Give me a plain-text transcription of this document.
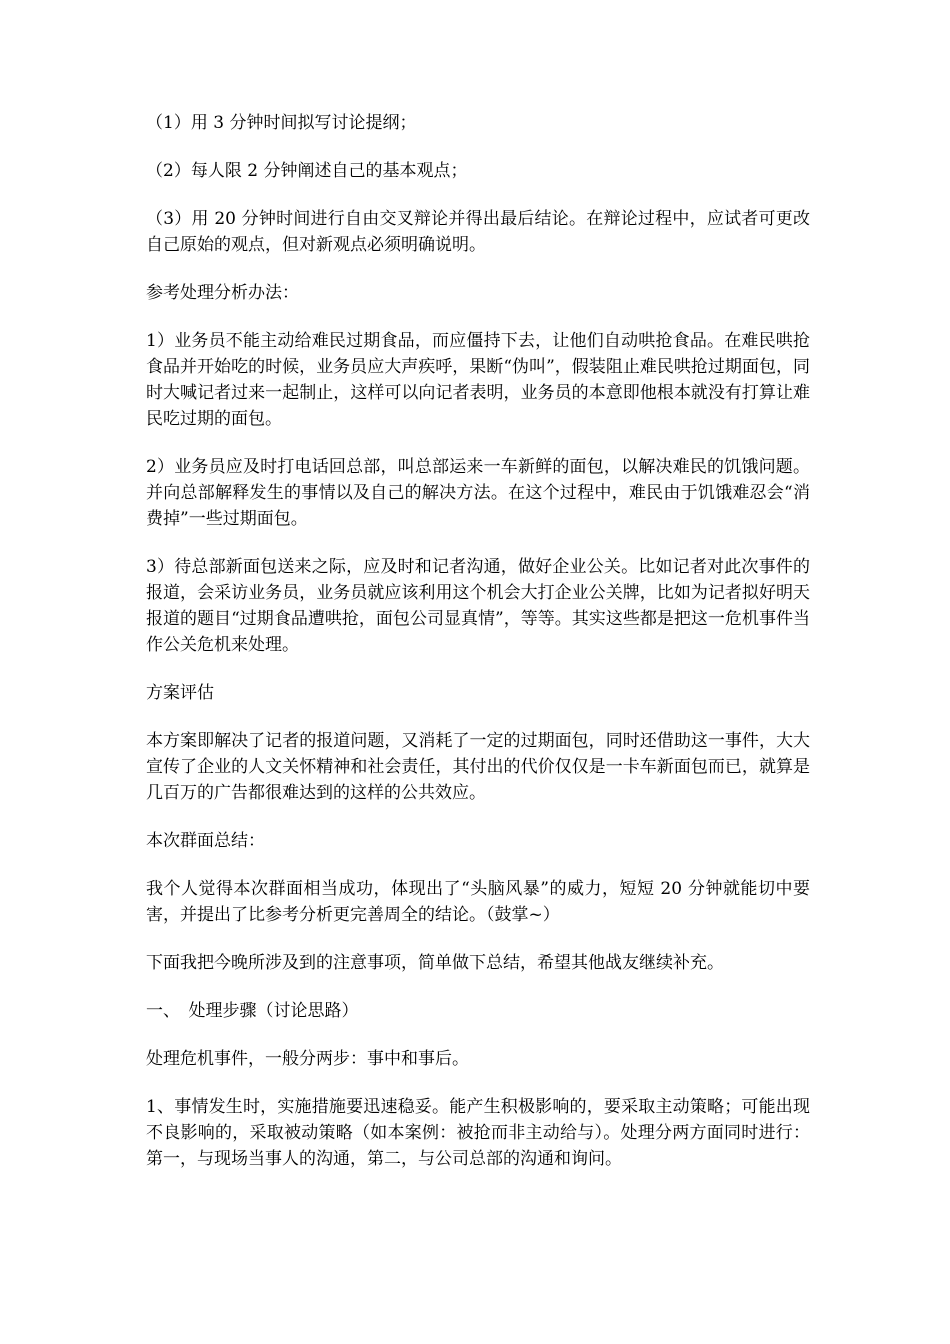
（1）用 3 分钟时间拟写讨论提纲；

（2）每人限 2 分钟阐述自己的基本观点；

（3）用 20 分钟时间进行自由交叉辩论并得出最后结论。在辩论过程中，应试者可更改自己原始的观点，但对新观点必须明确说明。

参考处理分析办法：

1）业务员不能主动给难民过期食品，而应僵持下去，让他们自动哄抢食品。在难民哄抢食品并开始吃的时候，业务员应大声疾呼，果断“伪叫”，假装阻止难民哄抢过期面包，同时大喊记者过来一起制止，这样可以向记者表明，业务员的本意即他根本就没有打算让难民吃过期的面包。

2）业务员应及时打电话回总部，叫总部运来一车新鲜的面包，以解决难民的饥饿问题。并向总部解释发生的事情以及自己的解决方法。在这个过程中，难民由于饥饿难忍会“消费掉”一些过期面包。

3）待总部新面包送来之际，应及时和记者沟通，做好企业公关。比如记者对此次事件的报道，会采访业务员，业务员就应该利用这个机会大打企业公关牌，比如为记者拟好明天报道的题目“过期食品遭哄抢，面包公司显真情”，等等。其实这些都是把这一危机事件当作公关危机来处理。

方案评估

本方案即解决了记者的报道问题，又消耗了一定的过期面包，同时还借助这一事件，大大宣传了企业的人文关怀精神和社会责任，其付出的代价仅仅是一卡车新面包而已，就算是几百万的广告都很难达到的这样的公共效应。

本次群面总结：

我个人觉得本次群面相当成功，体现出了“头脑风暴”的威力，短短 20 分钟就能切中要害，并提出了比参考分析更完善周全的结论。（鼓掌~）

下面我把今晚所涉及到的注意事项，简单做下总结，希望其他战友继续补充。

一、　处理步骤（讨论思路）

处理危机事件，一般分两步：事中和事后。

1、事情发生时，实施措施要迅速稳妥。能产生积极影响的，要采取主动策略；可能出现不良影响的，采取被动策略（如本案例：被抢而非主动给与）。处理分两方面同时进行：第一，与现场当事人的沟通，第二，与公司总部的沟通和询问。
